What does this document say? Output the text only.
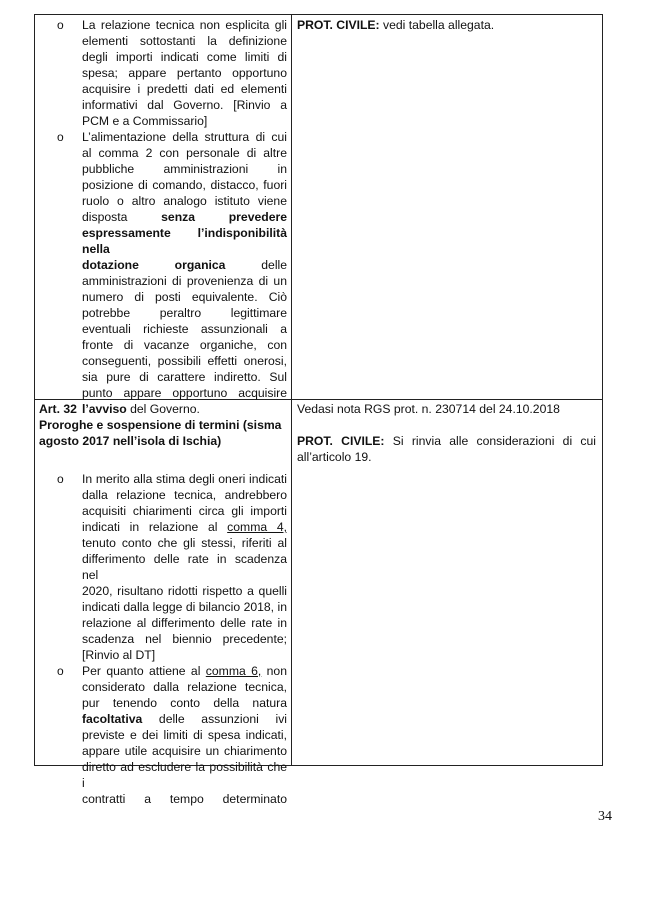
o La relazione tecnica non esplicita gli
elementi sottostanti la definizione
degli importi indicati come limiti di
spesa; appare pertanto opportuno
acquisire i predetti dati ed elementi
informativi dal Governo. [Rinvio a
PCM e a Commissario]
o L’alimentazione della struttura di cui
al comma 2 con personale di altre
pubbliche amministrazioni in
posizione di comando, distacco, fuori
ruolo o altro analogo istituto viene
disposta	senza prevedere
espressamente l’indisponibilità nella
dotazione organica	delle
amministrazioni di provenienza di un
numero di posti equivalente. Ciò
potrebbe peraltro legittimare
eventuali richieste assunzionali a
fronte di vacanze organiche, con
conseguenti, possibili effetti onerosi,
sia pure di carattere indiretto. Sul
punto appare opportuno acquisire
l’avviso del Governo.
PROT. CIVILE: vedi tabella allegata.
Art. 32
Proroghe e sospensione di termini (sisma
agosto 2017 nell’isola di Ischia)
o In merito alla stima degli oneri indicati
dalla relazione tecnica, andrebbero
acquisiti chiarimenti circa gli importi
indicati in relazione al comma 4,
tenuto conto che gli stessi, riferiti al
differimento delle rate in scadenza nel
2020, risultano ridotti rispetto a quelli
indicati dalla legge di bilancio 2018, in
relazione al differimento delle rate in
scadenza nel biennio precedente;
[Rinvio al DT]
o Per quanto attiene al comma 6, non
considerato dalla relazione tecnica,
pur tenendo conto della natura
facoltativa delle assunzioni ivi
previste e dei limiti di spesa indicati,
appare utile acquisire un chiarimento
diretto ad escludere la possibilità che i
contratti a tempo determinato
Vedasi nota RGS prot. n. 230714 del 24.10.2018
PROT. CIVILE: Si rinvia alle considerazioni di cui
all’articolo 19.
34
